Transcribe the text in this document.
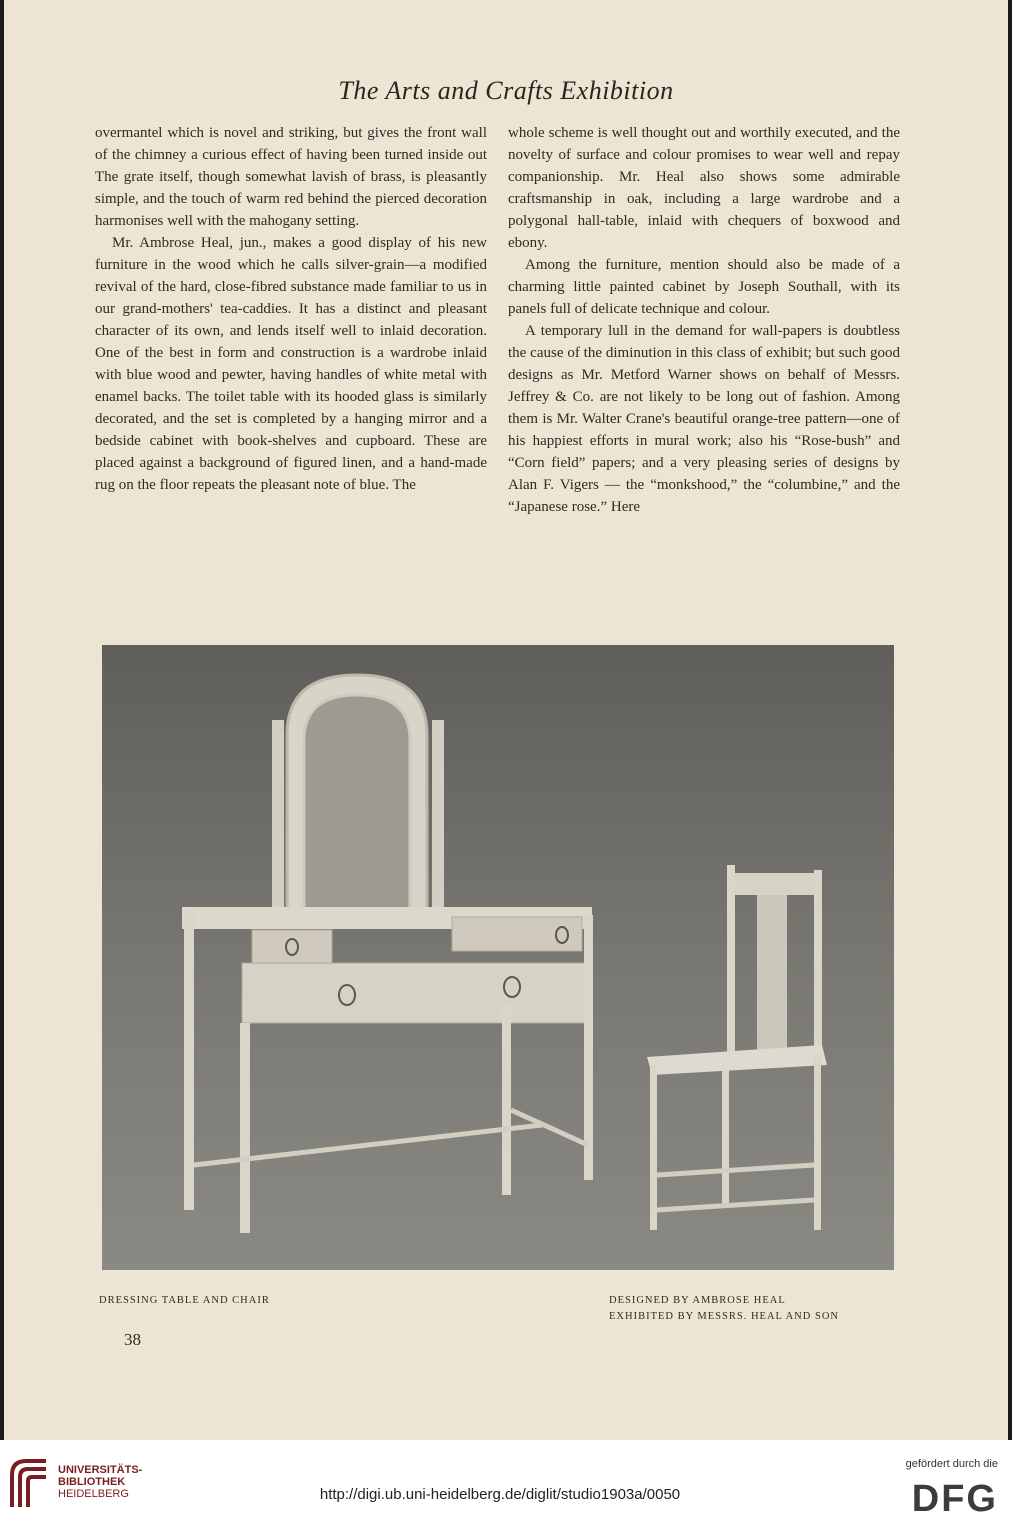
The Arts and Crafts Exhibition

overmantel which is novel and striking, but gives the front wall of the chimney a curious effect of having been turned inside out The grate itself, though somewhat lavish of brass, is pleasantly simple, and the touch of warm red behind the pierced decoration harmonises well with the mahogany setting.

Mr. Ambrose Heal, jun., makes a good display of his new furniture in the wood which he calls silver-grain—a modified revival of the hard, close-fibred substance made familiar to us in our grand-mothers' tea-caddies. It has a distinct and pleasant character of its own, and lends itself well to inlaid decoration. One of the best in form and construction is a wardrobe inlaid with blue wood and pewter, having handles of white metal with enamel backs. The toilet table with its hooded glass is similarly decorated, and the set is completed by a hanging mirror and a bedside cabinet with book-shelves and cupboard. These are placed against a background of figured linen, and a hand-made rug on the floor repeats the pleasant note of blue. The

whole scheme is well thought out and worthily executed, and the novelty of surface and colour promises to wear well and repay companionship. Mr. Heal also shows some admirable craftsmanship in oak, including a large wardrobe and a polygonal hall-table, inlaid with chequers of boxwood and ebony.

Among the furniture, mention should also be made of a charming little painted cabinet by Joseph Southall, with its panels full of delicate technique and colour.

A temporary lull in the demand for wall-papers is doubtless the cause of the diminution in this class of exhibit; but such good designs as Mr. Metford Warner shows on behalf of Messrs. Jeffrey & Co. are not likely to be long out of fashion. Among them is Mr. Walter Crane's beautiful orange-tree pattern—one of his happiest efforts in mural work; also his “Rose-bush” and “Corn field” papers; and a very pleasing series of designs by Alan F. Vigers — the “monkshood,” the “columbine,” and the “Japanese rose.” Here

DRESSING TABLE AND CHAIR	DESIGNED BY AMBROSE HEAL
EXHIBITED BY MESSRS. HEAL AND SON
38
UNIVERSITÄTS-
BIBLIOTHEK
HEIDELBERG	http://digi.ub.uni-heidelberg.de/diglit/studio1903a/0050
gefördert durch die
DFG
